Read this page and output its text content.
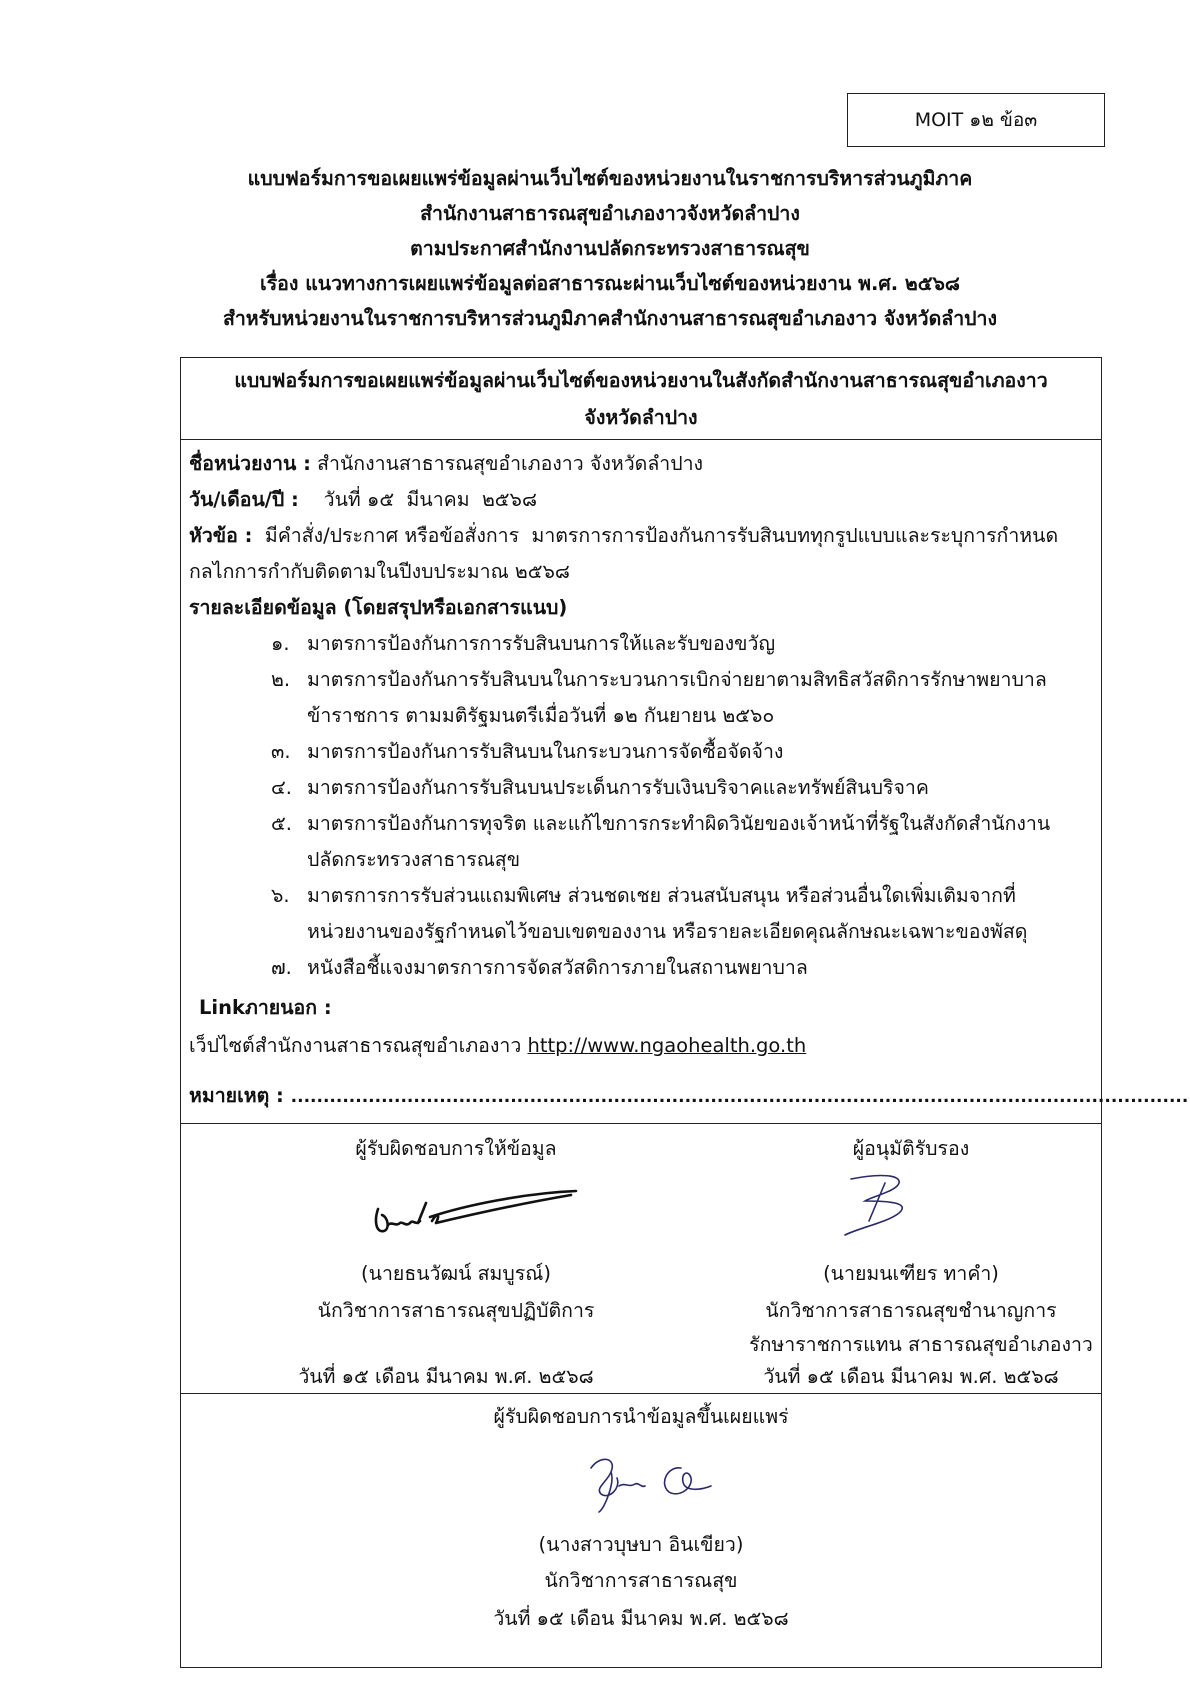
MOIT ๑๒ ข้อ๓
แบบฟอร์มการขอเผยแพร่ข้อมูลผ่านเว็บไซต์ของหน่วยงานในราชการบริหารส่วนภูมิภาค
สำนักงานสาธารณสุขอำเภองาวจังหวัดลำปาง
ตามประกาศสำนักงานปลัดกระทรวงสาธารณสุข
เรื่อง แนวทางการเผยแพร่ข้อมูลต่อสาธารณะผ่านเว็บไซต์ของหน่วยงาน พ.ศ. ๒๕๖๘
สำหรับหน่วยงานในราชการบริหารส่วนภูมิภาคสำนักงานสาธารณสุขอำเภองาว จังหวัดลำปาง
แบบฟอร์มการขอเผยแพร่ข้อมูลผ่านเว็บไซต์ของหน่วยงานในสังกัดสำนักงานสาธารณสุขอำเภองาว
จังหวัดลำปาง
ชื่อหน่วยงาน : สำนักงานสาธารณสุขอำเภองาว จังหวัดลำปาง
วัน/เดือน/ปี :    วันที่ ๑๕  มีนาคม  ๒๕๖๘
หัวข้อ :  มีคำสั่ง/ประกาศ หรือข้อสั่งการ  มาตรการการป้องกันการรับสินบททุกรูปแบบและระบุการกำหนด
กลไกการกำกับติดตามในปีงบประมาณ ๒๕๖๘
รายละเอียดข้อมูล (โดยสรุปหรือเอกสารแนบ)
๑. มาตรการป้องกันการการรับสินบนการให้และรับของขวัญ
๒. มาตรการป้องกันการรับสินบนในการะบวนการเบิกจ่ายยาตามสิทธิสวัสดิการรักษาพยาบาล
ข้าราชการ ตามมติรัฐมนตรีเมื่อวันที่ ๑๒ กันยายน ๒๕๖๐
๓. มาตรการป้องกันการรับสินบนในกระบวนการจัดซื้อจัดจ้าง
๔. มาตรการป้องกันการรับสินบนประเด็นการรับเงินบริจาคและทรัพย์สินบริจาค
๕. มาตรการป้องกันการทุจริต และแก้ไขการกระทำผิดวินัยของเจ้าหน้าที่รัฐในสังกัดสำนักงาน
ปลัดกระทรวงสาธารณสุข
๖. มาตรการการรับส่วนแถมพิเศษ ส่วนชดเชย ส่วนสนับสนุน หรือส่วนอื่นใดเพิ่มเติมจากที่
หน่วยงานของรัฐกำหนดไว้ขอบเขตของงาน หรือรายละเอียดคุณลักษณะเฉพาะของพัสดุ
๗. หนังสือชี้แจงมาตรการการจัดสวัสดิการภายในสถานพยาบาล
Linkภายนอก :
เว็ปไซต์สำนักงานสาธารณสุขอำเภองาว http://www.ngaohealth.go.th
หมายเหตุ : ...........................................................................................................................................
ผู้รับผิดชอบการให้ข้อมูล
(นายธนวัฒน์ สมบูรณ์)
นักวิชาการสาธารณสุขปฏิบัติการ
วันที่ ๑๕ เดือน มีนาคม พ.ศ. ๒๕๖๘
ผู้อนุมัติรับรอง
(นายมนเฑียร ทาคำ)
นักวิชาการสาธารณสุขชำนาญการ
รักษาราชการแทน สาธารณสุขอำเภองาว
วันที่ ๑๕ เดือน มีนาคม พ.ศ. ๒๕๖๘
ผู้รับผิดชอบการนำข้อมูลขึ้นเผยแพร่
(นางสาวบุษบา อินเขียว)
นักวิชาการสาธารณสุข
วันที่ ๑๕ เดือน มีนาคม พ.ศ. ๒๕๖๘
